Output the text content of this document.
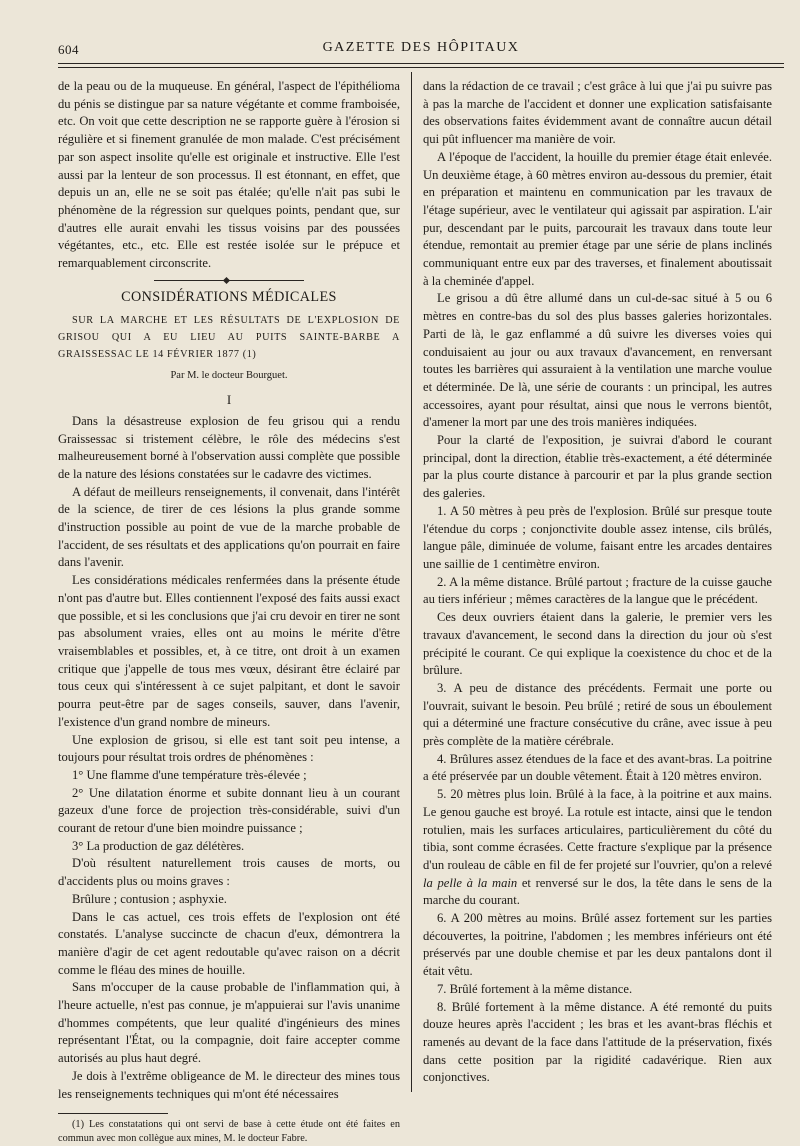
604	GAZETTE DES HÔPITAUX

de la peau ou de la muqueuse. En général, l'aspect de l'épithélioma du pénis se distingue par sa nature végétante et comme framboisée, etc. On voit que cette description ne se rapporte guère à l'érosion si régulière et si finement granulée de mon malade. C'est précisément par son aspect insolite qu'elle est originale et instructive. Elle l'est aussi par la lenteur de son processus. Il est étonnant, en effet, que depuis un an, elle ne se soit pas étalée; qu'elle n'ait pas subi le phénomène de la régression sur quelques points, pendant que, sur d'autres elle aurait envahi les tissus voisins par des poussées végétantes, etc., etc. Elle est restée isolée sur le prépuce et remarquablement circonscrite.

CONSIDÉRATIONS MÉDICALES

SUR LA MARCHE ET LES RÉSULTATS DE L'EXPLOSION DE GRISOU QUI A EU LIEU AU PUITS SAINTE-BARBE A GRAISSESSAC LE 14 FÉVRIER 1877 (1)

Par M. le docteur Bourguet.
I

Dans la désastreuse explosion de feu grisou qui a rendu Graissessac si tristement célèbre, le rôle des médecins s'est malheureusement borné à l'observation aussi complète que possible de la nature des lésions constatées sur le cadavre des victimes.

A défaut de meilleurs renseignements, il convenait, dans l'intérêt de la science, de tirer de ces lésions la plus grande somme d'instruction possible au point de vue de la marche probable de l'accident, de ses résultats et des applications qu'on pourrait en faire dans l'avenir.

Les considérations médicales renfermées dans la présente étude n'ont pas d'autre but. Elles contiennent l'exposé des faits aussi exact que possible, et si les conclusions que j'ai cru devoir en tirer ne sont pas absolument vraies, elles ont au moins le mérite d'être vraisemblables et possibles, et, à ce titre, ont droit à un examen critique que j'appelle de tous mes vœux, désirant être éclairé par tous ceux qui s'intéressent à ce sujet palpitant, et dont le savoir pourra peut-être par de sages conseils, sauver, dans l'avenir, l'existence d'un grand nombre de mineurs.

Une explosion de grisou, si elle est tant soit peu intense, a toujours pour résultat trois ordres de phénomènes :

1° Une flamme d'une température très-élevée ;

2° Une dilatation énorme et subite donnant lieu à un courant gazeux d'une force de projection très-considérable, suivi d'un courant de retour d'une bien moindre puissance ;

3° La production de gaz délétères.

D'où résultent naturellement trois causes de morts, ou d'accidents plus ou moins graves :

Brûlure ; contusion ; asphyxie.

Dans le cas actuel, ces trois effets de l'explosion ont été constatés. L'analyse succincte de chacun d'eux, démontrera la manière d'agir de cet agent redoutable qu'avec raison on a décrit comme le fléau des mines de houille.

Sans m'occuper de la cause probable de l'inflammation qui, à l'heure actuelle, n'est pas connue, je m'appuierai sur l'avis unanime d'hommes compétents, que leur qualité d'ingénieurs des mines représentant l'État, ou la compagnie, doit faire accepter comme autorisés au plus haut degré.

Je dois à l'extrême obligeance de M. le directeur des mines tous les renseignements techniques qui m'ont été nécessaires

(1) Les constatations qui ont servi de base à cette étude ont été faites en commun avec mon collègue aux mines, M. le docteur Fabre.

dans la rédaction de ce travail ; c'est grâce à lui que j'ai pu suivre pas à pas la marche de l'accident et donner une explication satisfaisante des observations faites évidemment avant de connaître aucun détail qui pût influencer ma manière de voir.

A l'époque de l'accident, la houille du premier étage était enlevée. Un deuxième étage, à 60 mètres environ au-dessous du premier, était en préparation et maintenu en communication par les travaux de l'étage supérieur, avec le ventilateur qui agissait par aspiration. L'air pur, descendant par le puits, parcourait les travaux dans toute leur étendue, remontait au premier étage par une série de plans inclinés communiquant entre eux par des traverses, et finalement aboutissait à la cheminée d'appel.

Le grisou a dû être allumé dans un cul-de-sac situé à 5 ou 6 mètres en contre-bas du sol des plus basses galeries horizontales. Parti de là, le gaz enflammé a dû suivre les diverses voies qui conduisaient au jour ou aux travaux d'avancement, en renversant toutes les barrières qui assuraient à la ventilation une marche voulue et déterminée. De là, une série de courants : un principal, les autres accessoires, ayant pour résultat, ainsi que nous le verrons bientôt, d'amener la mort par une des trois manières indiquées.

Pour la clarté de l'exposition, je suivrai d'abord le courant principal, dont la direction, établie très-exactement, a été déterminée par la plus courte distance à parcourir et par la plus grande section des galeries.

1. A 50 mètres à peu près de l'explosion. Brûlé sur presque toute l'étendue du corps ; conjonctivite double assez intense, cils brûlés, langue pâle, diminuée de volume, faisant entre les arcades dentaires une saillie de 1 centimètre environ.

2. A la même distance. Brûlé partout ; fracture de la cuisse gauche au tiers inférieur ; mêmes caractères de la langue que le précédent.

Ces deux ouvriers étaient dans la galerie, le premier vers les travaux d'avancement, le second dans la direction du jour où s'est précipité le courant. Ce qui explique la coexistence du choc et de la brûlure.

3. A peu de distance des précédents. Fermait une porte ou l'ouvrait, suivant le besoin. Peu brûlé ; retiré de sous un éboulement qui a déterminé une fracture consécutive du crâne, avec issue à peu près complète de la matière cérébrale.

4. Brûlures assez étendues de la face et des avant-bras. La poitrine a été préservée par un double vêtement. Était à 120 mètres environ.

5. 20 mètres plus loin. Brûlé à la face, à la poitrine et aux mains. Le genou gauche est broyé. La rotule est intacte, ainsi que le tendon rotulien, mais les surfaces articulaires, particulièrement du côté du tibia, sont comme écrasées. Cette fracture s'explique par la présence d'un rouleau de câble en fil de fer projeté sur l'ouvrier, qu'on a relevé la pelle à la main et renversé sur le dos, la tête dans le sens de la marche du courant.

6. A 200 mètres au moins. Brûlé assez fortement sur les parties découvertes, la poitrine, l'abdomen ; les membres inférieurs ont été préservés par une double chemise et par les deux pantalons dont il était vêtu.

7. Brûlé fortement à la même distance.

8. Brûlé fortement à la même distance. A été remonté du puits douze heures après l'accident ; les bras et les avant-bras fléchis et ramenés au devant de la face dans l'attitude de la préservation, fixés dans cette position par la rigidité cadavérique. Rien aux conjonctives.
